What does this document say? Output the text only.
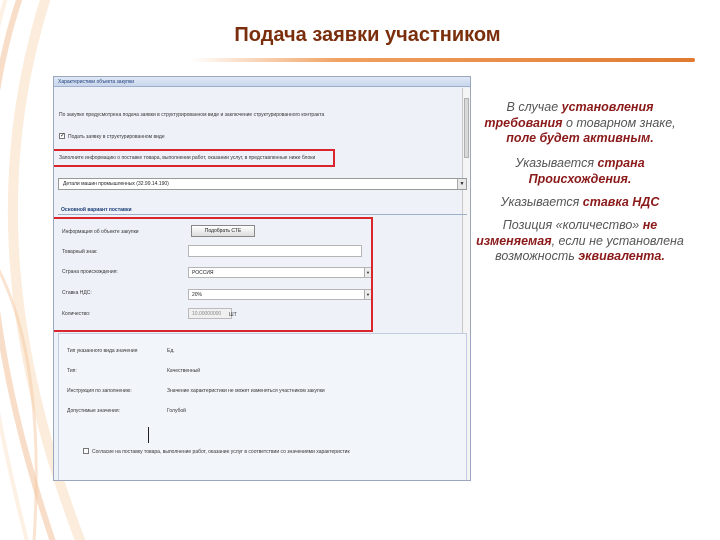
Подача заявки участником
Характеристики объекта закупки
По закупке предусмотрена подача заявки в структурированном виде и заключение структурированного контракта
✓
Подать заявку в структурированном виде
Заполните информацию о поставке товара, выполнении работ, оказании услуг, в представленные ниже блоки
Детали машин промышленных (32.99.14.190)	▼
Основной вариант поставки
Информация об объекте закупки	Подобрать СТЕ
Товарный знак:
Страна происхождения:	РОССИЯ	▼
Ставка НДС:	20%	▼
Количество:	10,00000000	ШТ
Тип указанного вида значения	Ед.
Тип:	Качественный
Инструкция по заполнению:	Значение характеристики не может изменяться участником закупки
Допустимые значения:	Голубой
Согласие на поставку товара, выполнение работ, оказание услуг в соответствии со значениями характеристик
В случае установления требования о товарном знаке, поле будет активным.
Указывается страна Происхождения.
Указывается ставка НДС
Позиция «количество» не изменяемая, если не установлена возможность эквивалента.
